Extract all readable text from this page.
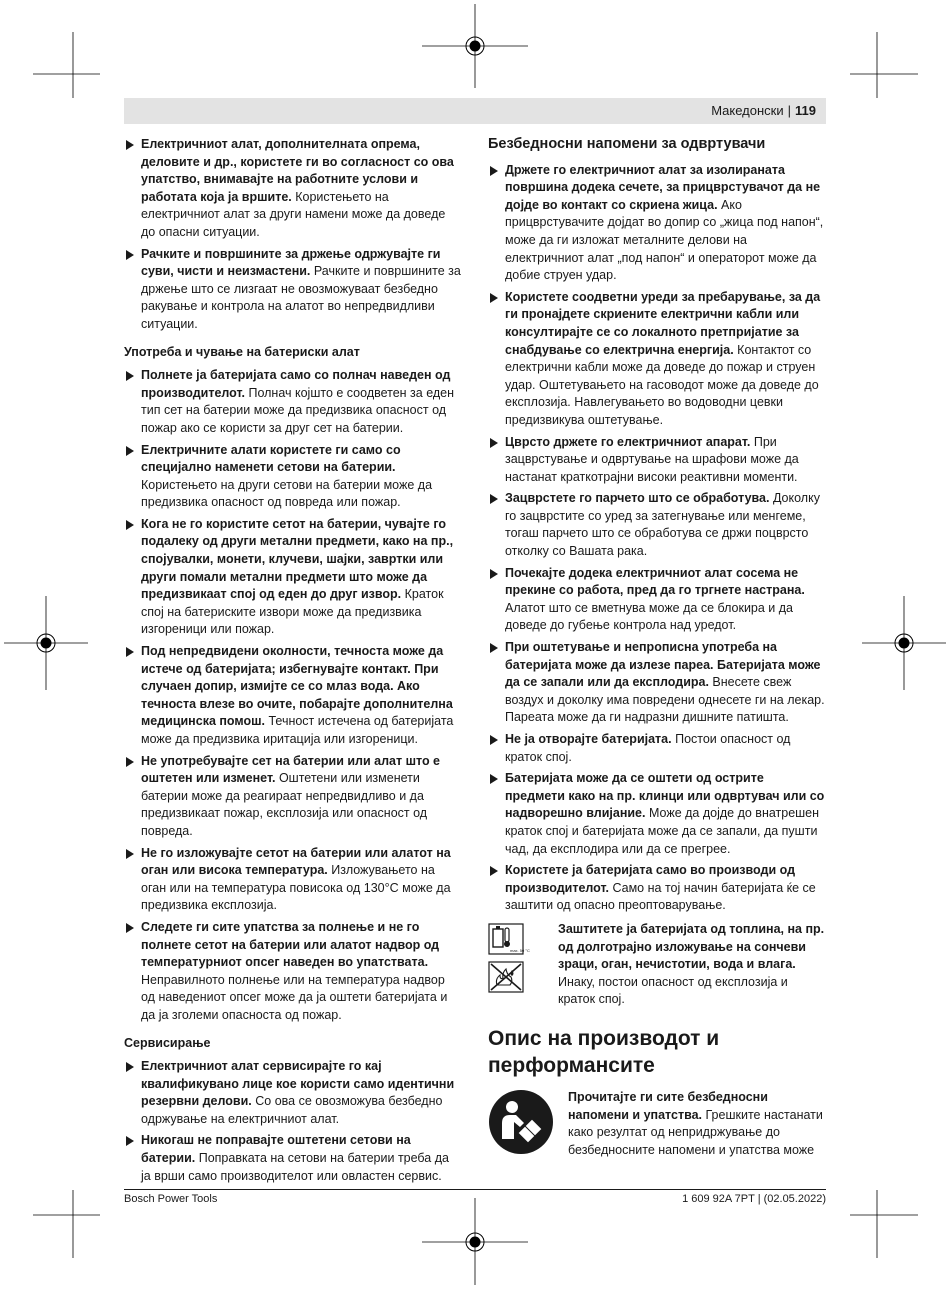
Македонски | 119
Електричниот алат, дополнителната опрема, деловите и др., користете ги во согласност со ова упатство, внимавајте на работните услови и работата која ја вршите. Користењето на електричниот алат за други намени може да доведе до опасни ситуации.
Рачките и површините за држење одржувајте ги суви, чисти и неизмастени. Рачките и површините за држење што се лизгаат не овозможуваат безбедно ракување и контрола на алатот во непредвидливи ситуации.
Употреба и чување на батериски алат
Полнете ја батеријата само со полнач наведен од производителот. Полнач којшто е соодветен за еден тип сет на батерии може да предизвика опасност од пожар ако се користи за друг сет на батерии.
Електричните алати користете ги само со специјално наменети сетови на батерии. Користењето на други сетови на батерии може да предизвика опасност од повреда или пожар.
Кога не го користите сетот на батерии, чувајте го подалеку од други метални предмети, како на пр., спојувалки, монети, клучеви, шајки, завртки или други помали метални предмети што може да предизвикаат спој од еден до друг извор. Краток спој на батериските извори може да предизвика изгореници или пожар.
Под непредвидени околности, течноста може да истече од батеријата; избегнувајте контакт. При случаен допир, измијте се со млаз вода. Ако течноста влезе во очите, побарајте дополнителна медицинска помош. Течност истечена од батеријата може да предизвика иритација или изгореници.
Не употребувајте сет на батерии или алат што е оштетен или изменет. Оштетени или изменети батерии може да реагираат непредвидливо и да предизвикаат пожар, експлозија или опасност од повреда.
Не го изложувајте сетот на батерии или алатот на оган или висока температура. Изложувањето на оган или на температура повисока од 130°C може да предизвика експлозија.
Следете ги сите упатства за полнење и не го полнете сетот на батерии или алатот надвор од температурниот опсег наведен во упатствата. Неправилното полнење или на температура надвор од наведениот опсег може да ја оштети батеријата и да ја зголеми опасноста од пожар.
Сервисирање
Електричниот алат сервисирајте го кај квалификувано лице кое користи само идентични резервни делови. Со ова се овозможува безбедно одржување на електричниот алат.
Никогаш не поправајте оштетени сетови на батерии. Поправката на сетови на батерии треба да ја врши само производителот или овластен сервис.
Безбедносни напомени за одвртувачи
Држете го електричниот алат за изолираната површина додека сечете, за прицврстувачот да не дојде во контакт со скриена жица. Ако прицврстувачите дојдат во допир со „жица под напон“, може да ги изложат металните делови на електричниот алат „под напон“ и операторот може да добие струен удар.
Користете соодветни уреди за пребарување, за да ги пронајдете скриените електрични кабли или консултирајте се со локалното претпријатие за снабдување со електрична енергија. Контактот со електрични кабли може да доведе до пожар и струен удар. Оштетувањето на гасоводот може да доведе до експлозија. Навлегувањето во водоводни цевки предизвикува оштетување.
Цврсто држете го електричниот апарат. При зацврстување и одвртување на шрафови може да настанат краткотрајни високи реактивни моменти.
Зацврстете го парчето што се обработува. Доколку го зацврстите со уред за затегнување или менгеме, тогаш парчето што се обработува се држи поцврсто отколку со Вашата рака.
Почекајте додека електричниот алат сосема не прекине со работа, пред да го тргнете настрана. Алатот што се вметнува може да се блокира и да доведе до губење контрола над уредот.
При оштетување и непрописна употреба на батеријата може да излезе пареа. Батеријата може да се запали или да експлодира. Внесете свеж воздух и доколку има повредени однесете ги на лекар. Пареата може да ги надразни дишните патишта.
Не ја отворајте батеријата. Постои опасност од краток спој.
Батеријата може да се оштети од острите предмети како на пр. клинци или одвртувач или со надворешно влијание. Може да дојде до внатрешен краток спој и батеријата може да се запали, да пушти чад, да експлодира или да се прегрее.
Користете ја батеријата само во производи од производителот. Само на тој начин батеријата ќе се заштити од опасно преоптоварување.
max. 50 °C
Заштитете ја батеријата од топлина, на пр. од долготрајно изложување на сончеви зраци, оган, нечистотии, вода и влага. Инаку, постои опасност од експлозија и краток спој.
Опис на производот и перформансите
Прочитајте ги сите безбедносни напомени и упатства. Грешките настанати како резултат од непридржување до безбедносните напомени и упатства може
Bosch Power Tools	1 609 92A 7PT | (02.05.2022)
